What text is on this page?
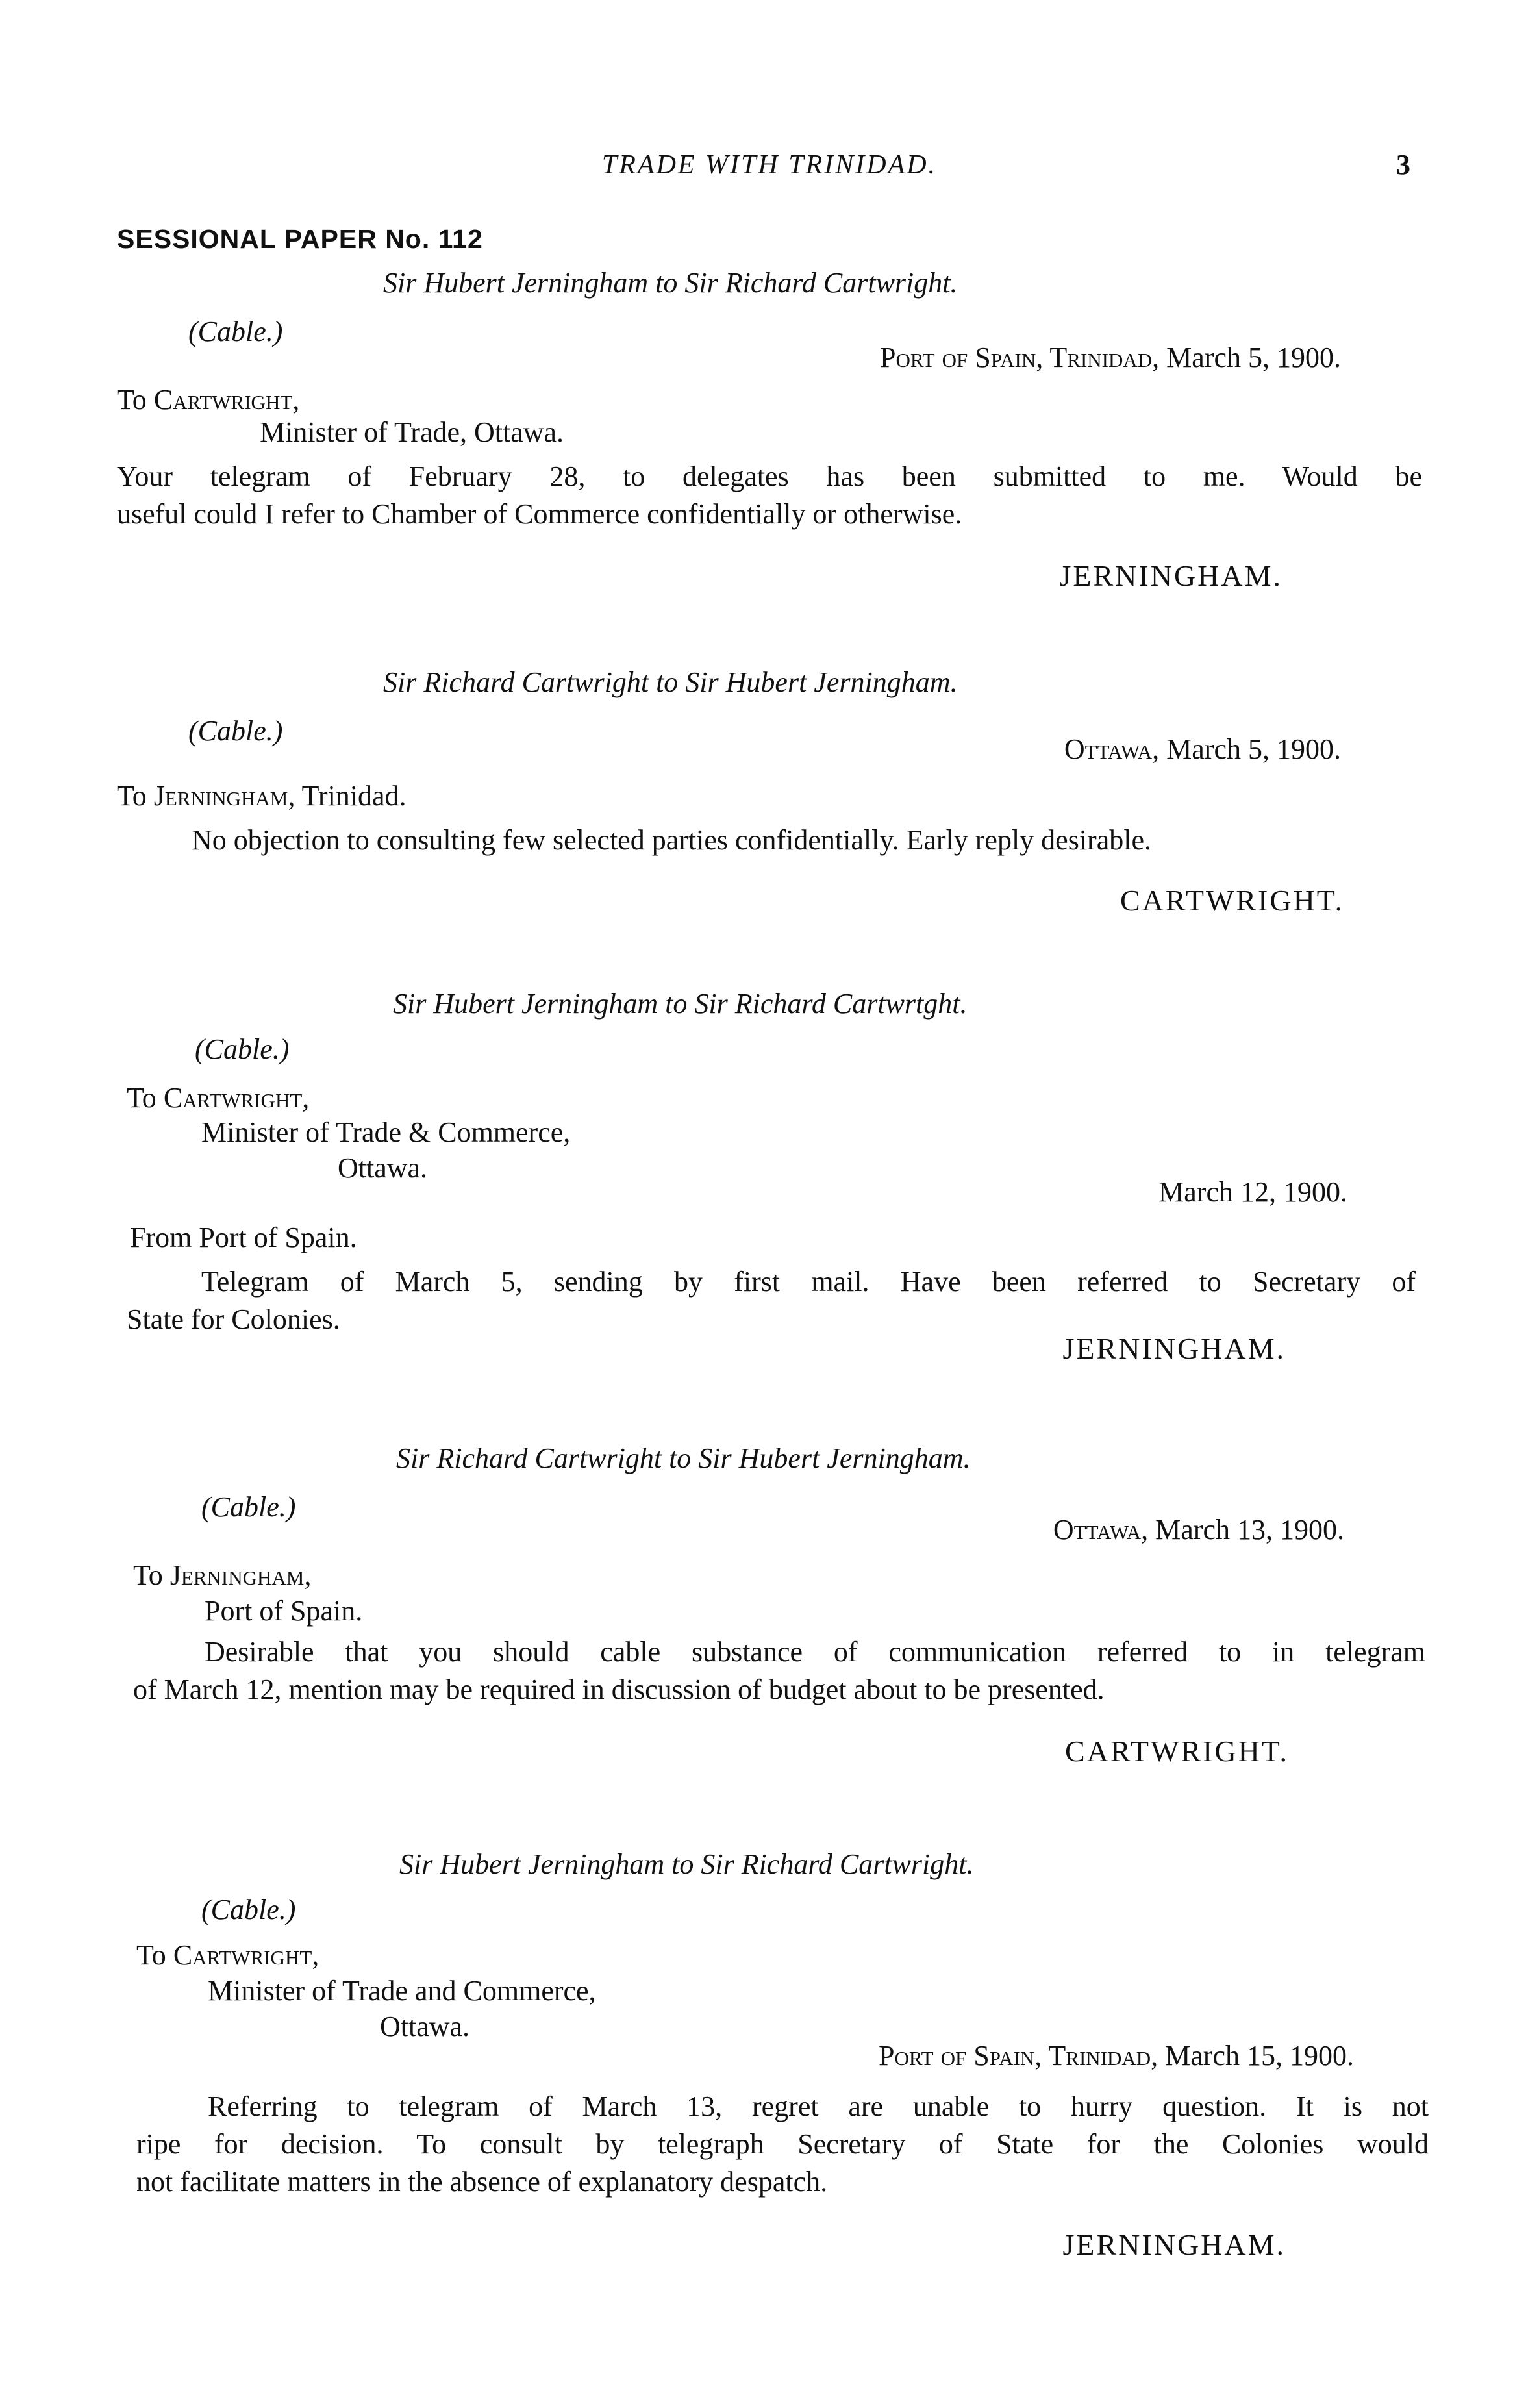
TRADE WITH TRINIDAD.	3
SESSIONAL PAPER No. 112
Sir Hubert Jerningham to Sir Richard Cartwright.
(Cable.)
Port of Spain, Trinidad, March 5, 1900.
To Cartwright,
Minister of Trade, Ottawa.
Your telegram of February 28, to delegates has been submitted to me. Would be
useful could I refer to Chamber of Commerce confidentially or otherwise.
JERNINGHAM.
Sir Richard Cartwright to Sir Hubert Jerningham.
(Cable.)
Ottawa, March 5, 1900.
To Jerningham, Trinidad.
No objection to consulting few selected parties confidentially. Early reply desirable.
CARTWRIGHT.
Sir Hubert Jerningham to Sir Richard Cartwrtght.
(Cable.)
To Cartwright,
Minister of Trade & Commerce,
Ottawa.
March 12, 1900.
From Port of Spain.
Telegram of March 5, sending by first mail. Have been referred to Secretary of
State for Colonies.
JERNINGHAM.
Sir Richard Cartwright to Sir Hubert Jerningham.
(Cable.)
Ottawa, March 13, 1900.
To Jerningham,
Port of Spain.
Desirable that you should cable substance of communication referred to in telegram
of March 12, mention may be required in discussion of budget about to be presented.
CARTWRIGHT.
Sir Hubert Jerningham to Sir Richard Cartwright.
(Cable.)
To Cartwright,
Minister of Trade and Commerce,
Ottawa.
Port of Spain, Trinidad, March 15, 1900.
Referring to telegram of March 13, regret are unable to hurry question. It is not
ripe for decision. To consult by telegraph Secretary of State for the Colonies would
not facilitate matters in the absence of explanatory despatch.
JERNINGHAM.
